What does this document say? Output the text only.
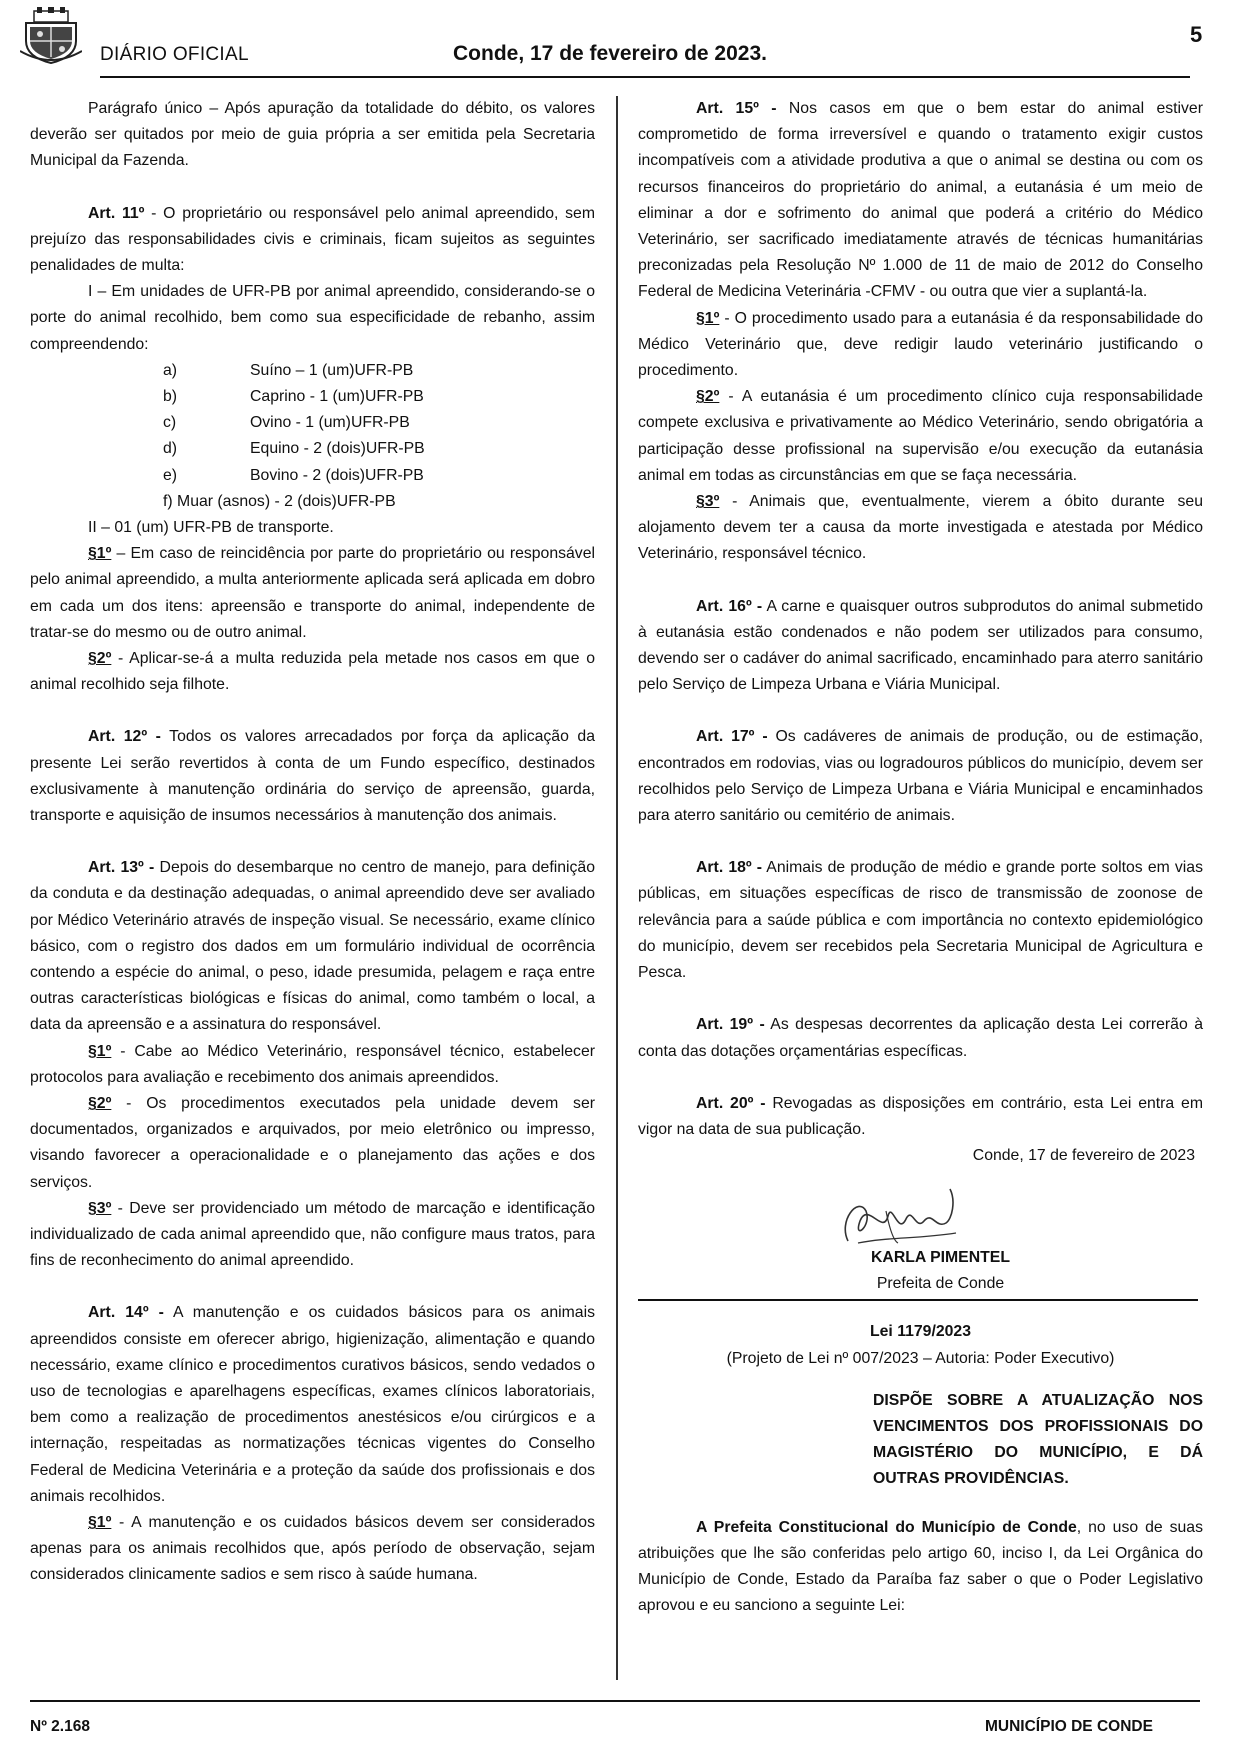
DIÁRIO OFICIAL	Conde, 17 de fevereiro de 2023.
5

Parágrafo único – Após apuração da totalidade do débito, os valores deverão ser quitados por meio de guia própria a ser emitida pela Secretaria Municipal da Fazenda.

Art. 11º - O proprietário ou responsável pelo animal apreendido, sem prejuízo das responsabilidades civis e criminais, ficam sujeitos as seguintes penalidades de multa:

I – Em unidades de UFR-PB por animal apreendido, considerando-se o porte do animal recolhido, bem como sua especificidade de rebanho, assim compreendendo:

a)	Suíno – 1 (um)UFR-PB
b)	Caprino - 1 (um)UFR-PB
c)	Ovino - 1 (um)UFR-PB
d)	Equino - 2 (dois)UFR-PB
e)	Bovino - 2 (dois)UFR-PB
f) Muar (asnos) - 2 (dois)UFR-PB

II – 01 (um) UFR-PB de transporte.

§1º – Em caso de reincidência por parte do proprietário ou responsável pelo animal apreendido, a multa anteriormente aplicada será aplicada em dobro em cada um dos itens: apreensão e transporte do animal, independente de tratar-se do mesmo ou de outro animal.

§2º - Aplicar-se-á a multa reduzida pela metade nos casos em que o animal recolhido seja filhote.

Art. 12º - Todos os valores arrecadados por força da aplicação da presente Lei serão revertidos à conta de um Fundo específico, destinados exclusivamente à manutenção ordinária do serviço de apreensão, guarda, transporte e aquisição de insumos necessários à manutenção dos animais.

Art. 13º - Depois do desembarque no centro de manejo, para definição da conduta e da destinação adequadas, o animal apreendido deve ser avaliado por Médico Veterinário através de inspeção visual. Se necessário, exame clínico básico, com o registro dos dados em um formulário individual de ocorrência contendo a espécie do animal, o peso, idade presumida, pelagem e raça entre outras características biológicas e físicas do animal, como também o local, a data da apreensão e a assinatura do responsável.

§1º - Cabe ao Médico Veterinário, responsável técnico, estabelecer protocolos para avaliação e recebimento dos animais apreendidos.

§2º - Os procedimentos executados pela unidade devem ser documentados, organizados e arquivados, por meio eletrônico ou impresso, visando favorecer a operacionalidade e o planejamento das ações e dos serviços.

§3º - Deve ser providenciado um método de marcação e identificação individualizado de cada animal apreendido que, não configure maus tratos, para fins de reconhecimento do animal apreendido.

Art. 14º - A manutenção e os cuidados básicos para os animais apreendidos consiste em oferecer abrigo, higienização, alimentação e quando necessário, exame clínico e procedimentos curativos básicos, sendo vedados o uso de tecnologias e aparelhagens específicas, exames clínicos laboratoriais, bem como a realização de procedimentos anestésicos e/ou cirúrgicos e a internação, respeitadas as normatizações técnicas vigentes do Conselho Federal de Medicina Veterinária e a proteção da saúde dos profissionais e dos animais recolhidos.

§1º - A manutenção e os cuidados básicos devem ser considerados apenas para os animais recolhidos que, após período de observação, sejam considerados clinicamente sadios e sem risco à saúde humana.

Art. 15º - Nos casos em que o bem estar do animal estiver comprometido de forma irreversível e quando o tratamento exigir custos incompatíveis com a atividade produtiva a que o animal se destina ou com os recursos financeiros do proprietário do animal, a eutanásia é um meio de eliminar a dor e sofrimento do animal que poderá a critério do Médico Veterinário, ser sacrificado imediatamente através de técnicas humanitárias preconizadas pela Resolução Nº 1.000 de 11 de maio de 2012 do Conselho Federal de Medicina Veterinária -CFMV - ou outra que vier a suplantá-la.

§1º - O procedimento usado para a eutanásia é da responsabilidade do Médico Veterinário que, deve redigir laudo veterinário justificando o procedimento.

§2º - A eutanásia é um procedimento clínico cuja responsabilidade compete exclusiva e privativamente ao Médico Veterinário, sendo obrigatória a participação desse profissional na supervisão e/ou execução da eutanásia animal em todas as circunstâncias em que se faça necessária.

§3º - Animais que, eventualmente, vierem a óbito durante seu alojamento devem ter a causa da morte investigada e atestada por Médico Veterinário, responsável técnico.

Art. 16º - A carne e quaisquer outros subprodutos do animal submetido à eutanásia estão condenados e não podem ser utilizados para consumo, devendo ser o cadáver do animal sacrificado, encaminhado para aterro sanitário pelo Serviço de Limpeza Urbana e Viária Municipal.

Art. 17º - Os cadáveres de animais de produção, ou de estimação, encontrados em rodovias, vias ou logradouros públicos do município, devem ser recolhidos pelo Serviço de Limpeza Urbana e Viária Municipal e encaminhados para aterro sanitário ou cemitério de animais.

Art. 18º - Animais de produção de médio e grande porte soltos em vias públicas, em situações específicas de risco de transmissão de zoonose de relevância para a saúde pública e com importância no contexto epidemiológico do município, devem ser recebidos pela Secretaria Municipal de Agricultura e Pesca.

Art. 19º - As despesas decorrentes da aplicação desta Lei correrão à conta das dotações orçamentárias específicas.

Art. 20º - Revogadas as disposições em contrário, esta Lei entra em vigor na data de sua publicação.

Conde, 17 de fevereiro de 2023

KARLA PIMENTEL
Prefeita de Conde

Lei 1179/2023

(Projeto de Lei nº 007/2023 – Autoria: Poder Executivo)

DISPÕE SOBRE A ATUALIZAÇÃO NOS VENCIMENTOS DOS PROFISSIONAIS DO MAGISTÉRIO DO MUNICÍPIO, E DÁ OUTRAS PROVIDÊNCIAS.

A Prefeita Constitucional do Município de Conde, no uso de suas atribuições que lhe são conferidas pelo artigo 60, inciso I, da Lei Orgânica do Município de Conde, Estado da Paraíba faz saber o que o Poder Legislativo aprovou e eu sanciono a seguinte Lei:

Nº 2.168	MUNICÍPIO DE CONDE
